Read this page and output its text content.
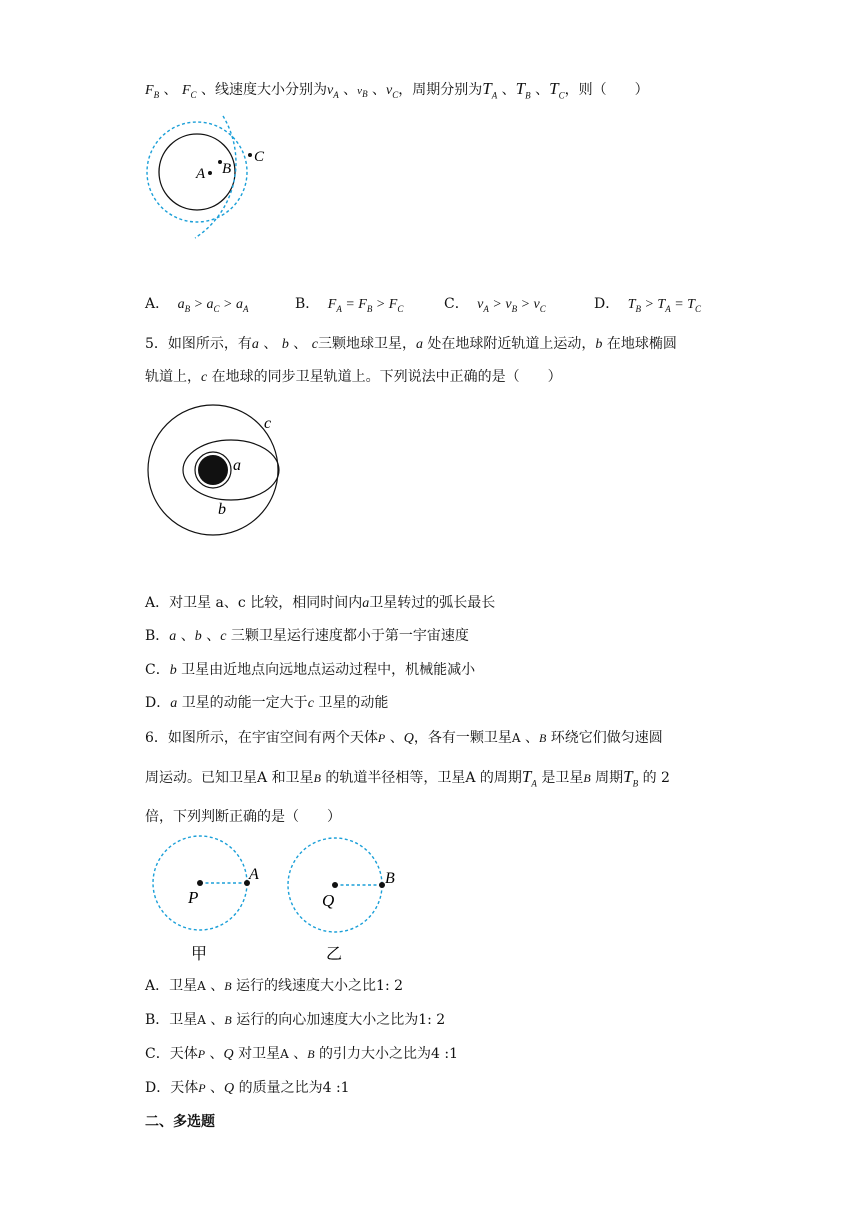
$F_B$ 、 $F_C$ 、线速度大小分别为$v_A$ 、$v_B$ 、$v_C$，周期分别为$T_A$ 、$T_B$ 、$T_C$，则（　　）
A B
C
A． $a_B > a_C > a_A$	B． $F_A = F_B > F_C$	C． $v_A > v_B > v_C$	D． $T_B > T_A = T_C$
5．如图所示，有a 、 b 、 c三颗地球卫星，a 处在地球附近轨道上运动，b 在地球椭圆
轨道上，c 在地球的同步卫星轨道上。下列说法中正确的是（　　）
a
b
c
A．对卫星 a、c 比较，相同时间内a卫星转过的弧长最长
B．a 、b 、c 三颗卫星运行速度都小于第一宇宙速度
C．b 卫星由近地点向远地点运动过程中，机械能减小
D．a 卫星的动能一定大于c 卫星的动能
6．如图所示，在宇宙空间有两个天体P 、Q，各有一颗卫星A 、B 环绕它们做匀速圆
周运动。已知卫星A 和卫星B 的轨道半径相等，卫星A 的周期$T_A$ 是卫星B 周期$T_B$ 的 2
倍，下列判断正确的是（　　）
P
A
甲
Q
B
乙
A．卫星A 、B 运行的线速度大小之比1: 2
B．卫星A 、B 运行的向心加速度大小之比为1: 2
C．天体P 、Q 对卫星A 、B 的引力大小之比为4 :1
D．天体P 、Q 的质量之比为4 :1
二、多选题
